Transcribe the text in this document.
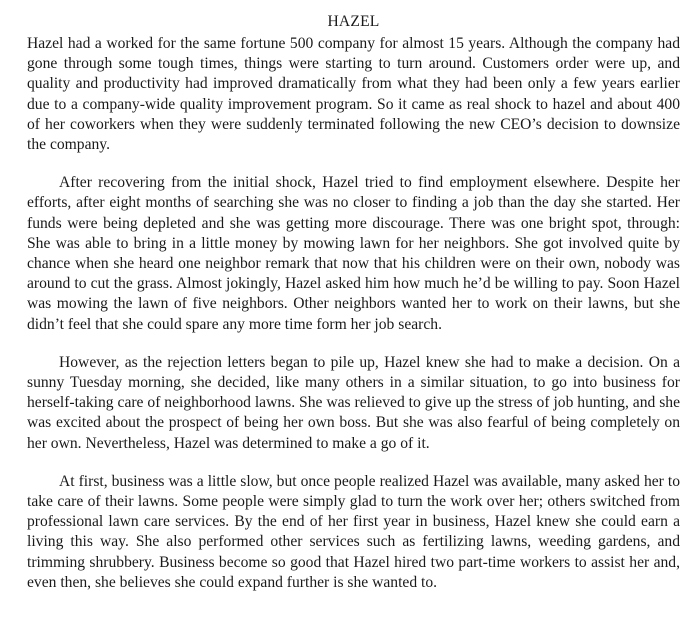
HAZEL

Hazel had a worked for the same fortune 500 company for almost 15 years. Although the company had gone through some tough times, things were starting to turn around. Customers order were up, and quality and productivity had improved dramatically from what they had been only a few years earlier due to a company-wide quality improvement program. So it came as real shock to hazel and about 400 of her coworkers when they were suddenly terminated following the new CEO’s decision to downsize the company.

After recovering from the initial shock, Hazel tried to find employment elsewhere. Despite her efforts, after eight months of searching she was no closer to finding a job than the day she started. Her funds were being depleted and she was getting more discourage. There was one bright spot, through: She was able to bring in a little money by mowing lawn for her neighbors. She got involved quite by chance when she heard one neighbor remark that now that his children were on their own, nobody was around to cut the grass. Almost jokingly, Hazel asked him how much he’d be willing to pay. Soon Hazel was mowing the lawn of five neighbors. Other neighbors wanted her to work on their lawns, but she didn’t feel that she could spare any more time form her job search.

However, as the rejection letters began to pile up, Hazel knew she had to make a decision. On a sunny Tuesday morning, she decided, like many others in a similar situation, to go into business for herself-taking care of neighborhood lawns. She was relieved to give up the stress of job hunting, and she was excited about the prospect of being her own boss. But she was also fearful of being completely on her own. Nevertheless, Hazel was determined to make a go of it.

At first, business was a little slow, but once people realized Hazel was available, many asked her to take care of their lawns. Some people were simply glad to turn the work over her; others switched from professional lawn care services. By the end of her first year in business, Hazel knew she could earn a living this way. She also performed other services such as fertilizing lawns, weeding gardens, and trimming shrubbery. Business become so good that Hazel hired two part-time workers to assist her and, even then, she believes she could expand further is she wanted to.
